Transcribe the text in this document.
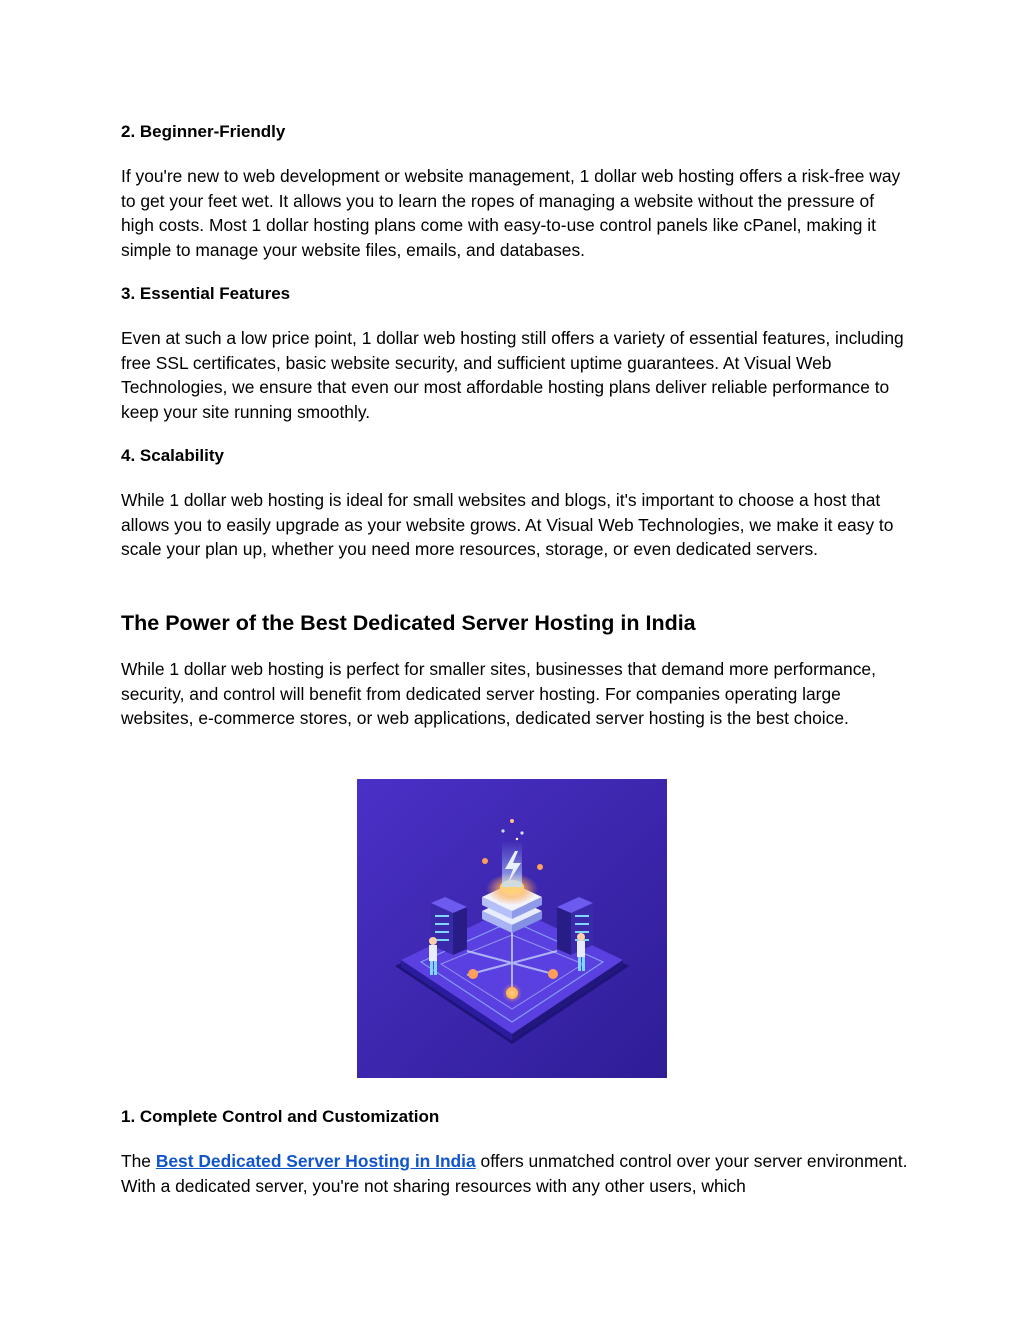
2. Beginner-Friendly

If you're new to web development or website management, 1 dollar web hosting offers a risk-free way to get your feet wet. It allows you to learn the ropes of managing a website without the pressure of high costs. Most 1 dollar hosting plans come with easy-to-use control panels like cPanel, making it simple to manage your website files, emails, and databases.

3. Essential Features

Even at such a low price point, 1 dollar web hosting still offers a variety of essential features, including free SSL certificates, basic website security, and sufficient uptime guarantees. At Visual Web Technologies, we ensure that even our most affordable hosting plans deliver reliable performance to keep your site running smoothly.

4. Scalability

While 1 dollar web hosting is ideal for small websites and blogs, it's important to choose a host that allows you to easily upgrade as your website grows. At Visual Web Technologies, we make it easy to scale your plan up, whether you need more resources, storage, or even dedicated servers.

The Power of the Best Dedicated Server Hosting in India

While 1 dollar web hosting is perfect for smaller sites, businesses that demand more performance, security, and control will benefit from dedicated server hosting. For companies operating large websites, e-commerce stores, or web applications, dedicated server hosting is the best choice.

1. Complete Control and Customization

The Best Dedicated Server Hosting in India offers unmatched control over your server environment. With a dedicated server, you're not sharing resources with any other users, which
